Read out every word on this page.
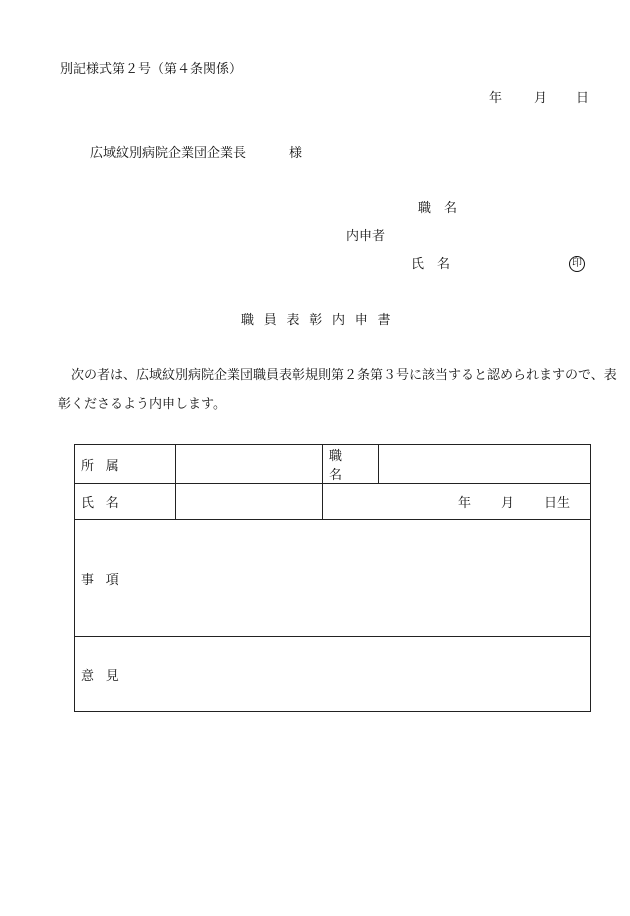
別記様式第２号（第４条関係）
年 月 日
広域紋別病院企業団企業長	様
職　名
内申者
氏　名	印
職員表彰内申書
次の者は、広域紋別病院企業団職員表彰規則第２条第３号に該当すると認められますので、表彰くださるよう内申します。
所属		職名	
氏名		年 月 日生	
事項			
意見			
